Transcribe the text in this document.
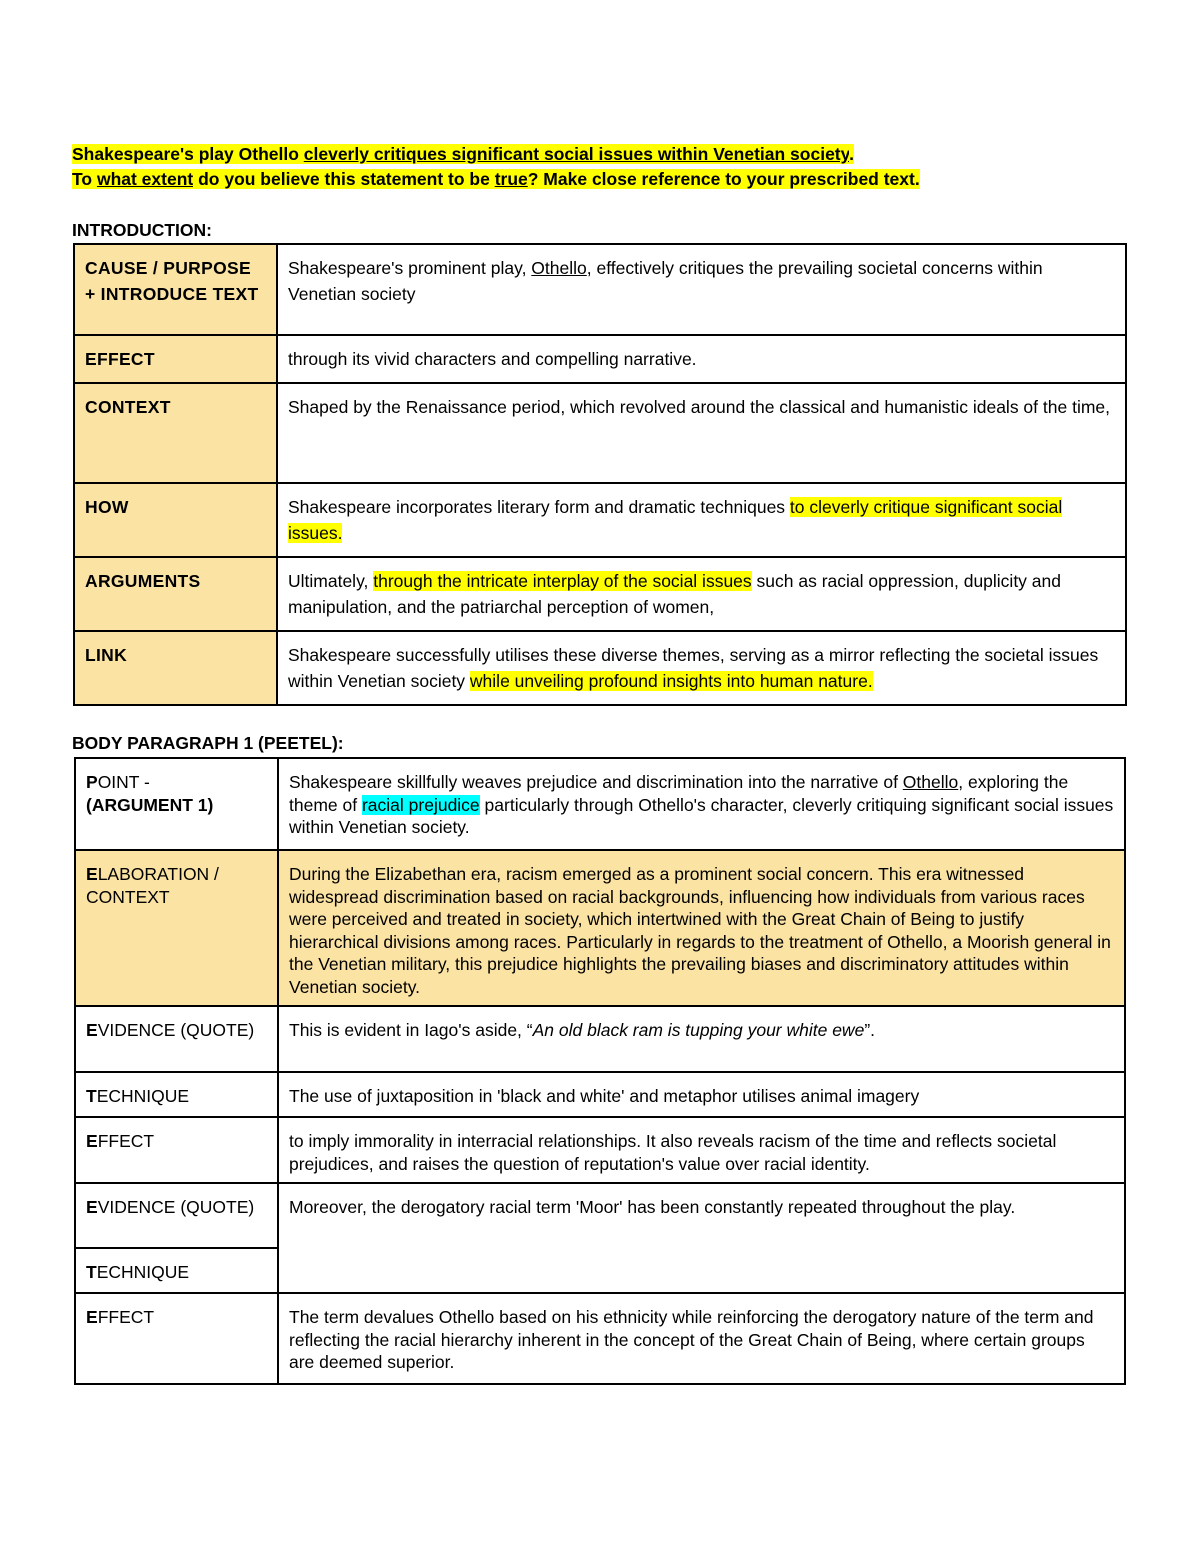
Shakespeare's play Othello cleverly critiques significant social issues within Venetian society.
To what extent do you believe this statement to be true? Make close reference to your prescribed text.
INTRODUCTION:
CAUSE / PURPOSE + INTRODUCE TEXT	Shakespeare's prominent play, Othello, effectively critiques the prevailing societal concerns within Venetian society
EFFECT	through its vivid characters and compelling narrative.
CONTEXT	Shaped by the Renaissance period, which revolved around the classical and humanistic ideals of the time,
HOW	Shakespeare incorporates literary form and dramatic techniques to cleverly critique significant social issues.
ARGUMENTS	Ultimately, through the intricate interplay of the social issues such as racial oppression, duplicity and manipulation, and the patriarchal perception of women,
LINK	Shakespeare successfully utilises these diverse themes, serving as a mirror reflecting the societal issues within Venetian society while unveiling profound insights into human nature.
BODY PARAGRAPH 1 (PEETEL):
POINT -
(ARGUMENT 1)	Shakespeare skillfully weaves prejudice and discrimination into the narrative of Othello, exploring the theme of racial prejudice particularly through Othello's character, cleverly critiquing significant social issues within Venetian society.
ELABORATION / CONTEXT	During the Elizabethan era, racism emerged as a prominent social concern. This era witnessed widespread discrimination based on racial backgrounds, influencing how individuals from various races were perceived and treated in society, which intertwined with the Great Chain of Being to justify hierarchical divisions among races. Particularly in regards to the treatment of Othello, a Moorish general in the Venetian military, this prejudice highlights the prevailing biases and discriminatory attitudes within Venetian society.
EVIDENCE (QUOTE)	This is evident in Iago's aside, “An old black ram is tupping your white ewe”.
TECHNIQUE	The use of juxtaposition in 'black and white' and metaphor utilises animal imagery
EFFECT	to imply immorality in interracial relationships. It also reveals racism of the time and reflects societal prejudices, and raises the question of reputation's value over racial identity.
EVIDENCE (QUOTE)	Moreover, the derogatory racial term 'Moor' has been constantly repeated throughout the play.
TECHNIQUE	
EFFECT	The term devalues Othello based on his ethnicity while reinforcing the derogatory nature of the term and reflecting the racial hierarchy inherent in the concept of the Great Chain of Being, where certain groups are deemed superior.
